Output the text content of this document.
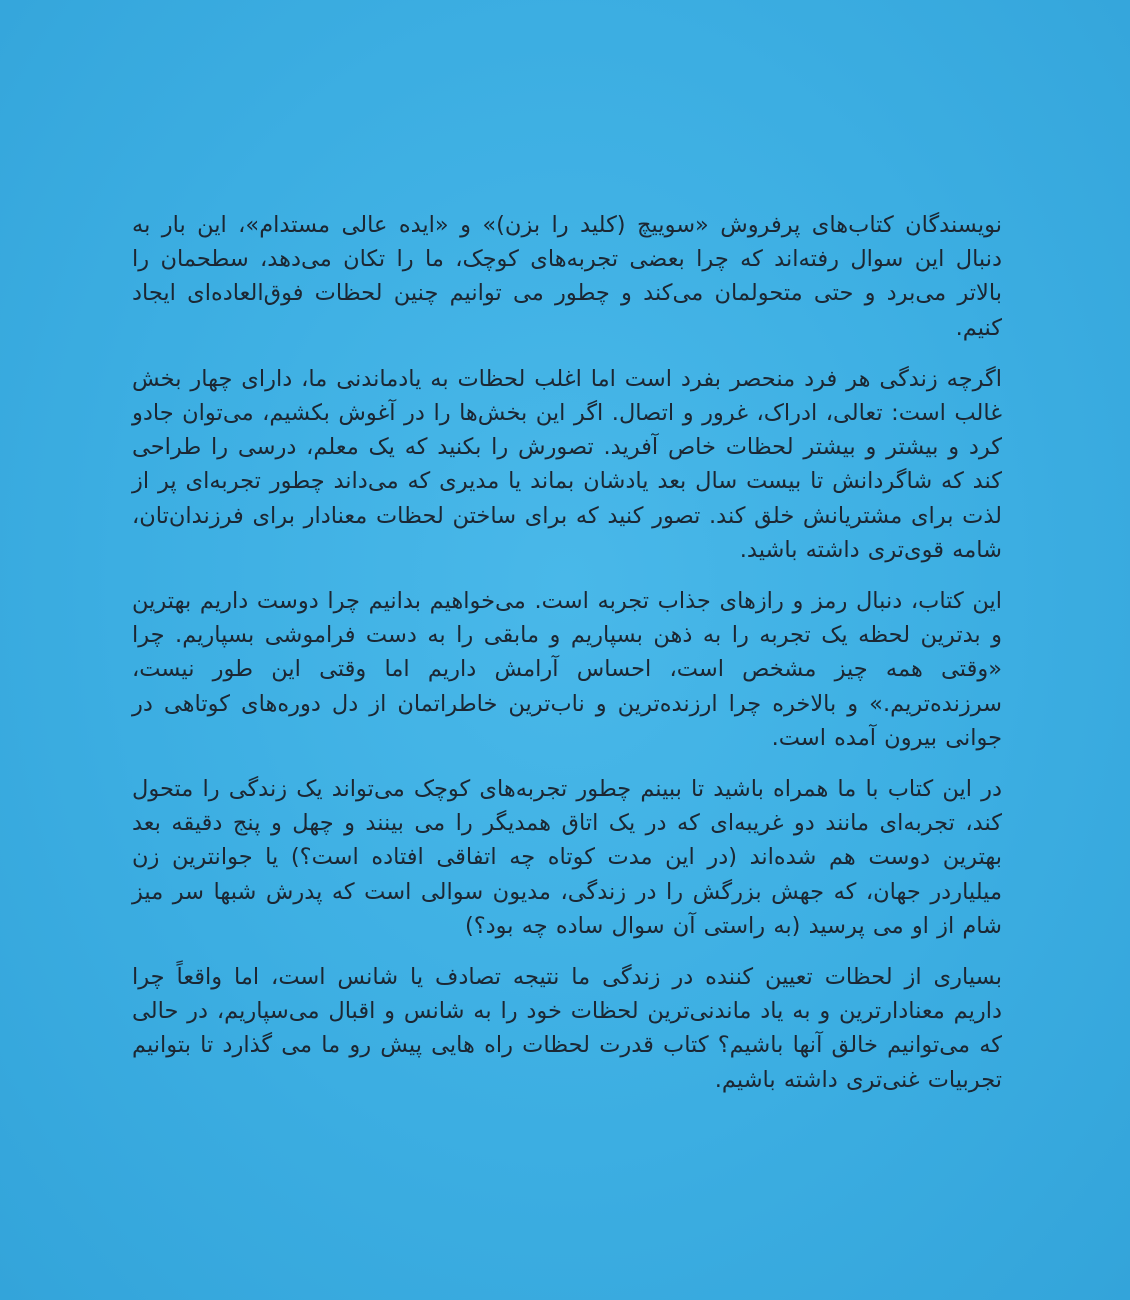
نویسندگان کتاب‌های پرفروش «سوییچ (کلید را بزن)» و «ایده عالی مستدام»، این بار به دنبال این سوال رفته‌اند که چرا بعضی تجربه‌های کوچک، ما را تکان می‌دهد، سطحمان را بالاتر می‌برد و حتی متحولمان می‌کند و چطور می توانیم چنین لحظات فوق‌العاده‌ای ایجاد کنیم.

اگرچه زندگی هر فرد منحصر بفرد است اما اغلب لحظات به یادماندنی ما، دارای چهار بخش غالب است: تعالی، ادراک، غرور و اتصال. اگر این بخش‌ها را در آغوش بکشیم، می‌توان جادو کرد و بیشتر و بیشتر لحظات خاص آفرید. تصورش را بکنید که یک معلم، درسی را طراحی کند که شاگردانش تا بیست سال بعد یادشان بماند یا مدیری که می‌داند چطور تجربه‌ای پر از لذت برای مشتریانش خلق کند. تصور کنید که برای ساختن لحظات معنادار برای فرزندان‌تان، شامه قوی‌تری داشته باشید.

این کتاب، دنبال رمز و رازهای جذاب تجربه است. می‌خواهیم بدانیم چرا دوست داریم بهترین و بدترین لحظه یک تجربه را به ذهن بسپاریم و مابقی را به دست فراموشی بسپاریم. چرا «وقتی همه چیز مشخص است، احساس آرامش داریم اما وقتی این طور نیست، سرزنده‌تریم.» و بالاخره چرا ارزنده‌ترین و ناب‌ترین خاطراتمان از دل دوره‌های کوتاهی در جوانی بیرون آمده است.

در این کتاب با ما همراه باشید تا ببینم چطور تجربه‌های کوچک می‌تواند یک زندگی را متحول کند، تجربه‌ای مانند دو غریبه‌ای که در یک اتاق همدیگر را می بینند و چهل و پنج دقیقه بعد بهترین دوست هم شده‌اند (در این مدت کوتاه چه اتفاقی افتاده است؟) یا جوانترین زن میلیاردر جهان، که جهش بزرگش را در زندگی، مدیون سوالی است که پدرش شبها سر میز شام از او می پرسید (به راستی آن سوال ساده چه بود؟)

بسیاری از لحظات تعیین کننده در زندگی ما نتیجه تصادف یا شانس است، اما واقعاً چرا داریم معنادارترین و به یاد ماندنی‌ترین لحظات خود را به شانس و اقبال می‌سپاریم، در حالی که می‌توانیم خالق آنها باشیم؟ کتاب قدرت لحظات راه هایی پیش رو ما می گذارد تا بتوانیم تجربیات غنی‌تری داشته باشیم.
